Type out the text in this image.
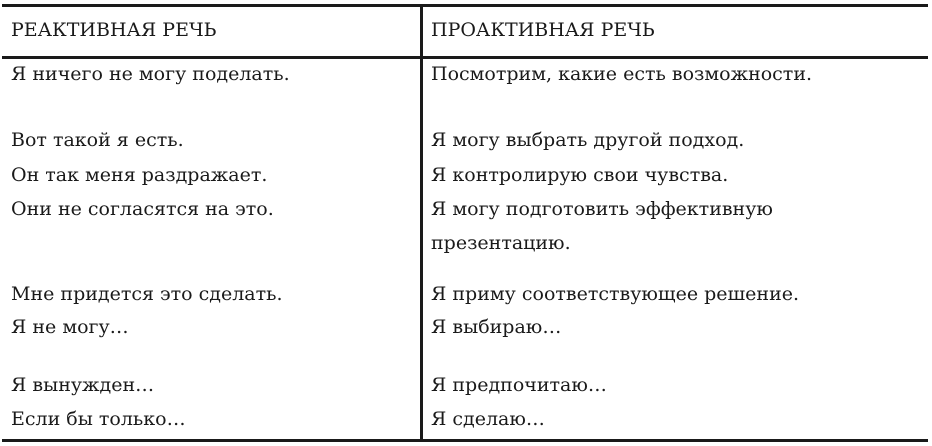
РЕАКТИВНАЯ РЕЧЬ	ПРОАКТИВНАЯ РЕЧЬ
Я ничего не могу поделать.
Вот такой я есть.
Он так меня раздражает.
Они не согласятся на это.
Мне придется это сделать.
Я не могу…
Я вынужден…
Если бы только…
Посмотрим, какие есть возможности.
Я могу выбрать другой подход.
Я контролирую свои чувства.
Я могу подготовить эффективную
презентацию.
Я приму соответствующее решение.
Я выбираю…
Я предпочитаю…
Я сделаю…
